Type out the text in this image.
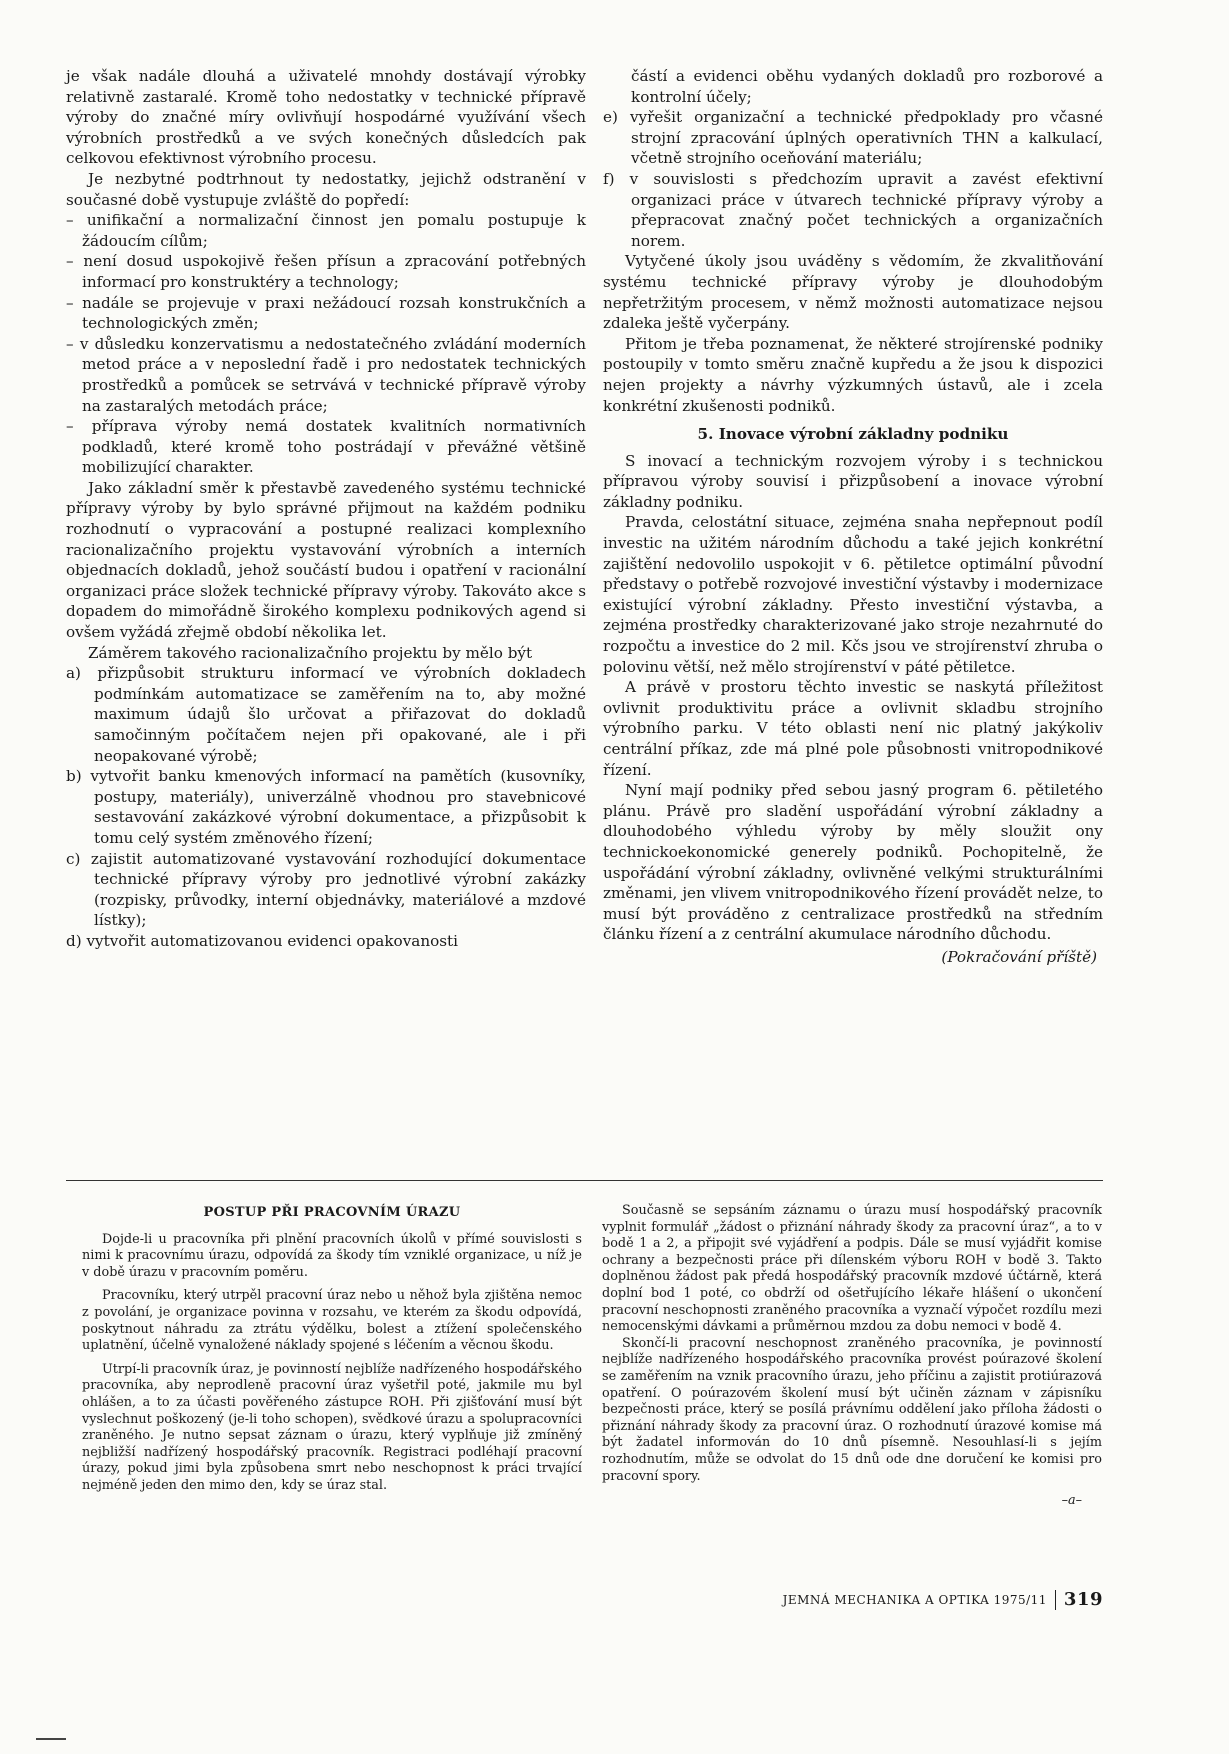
je však nadále dlouhá a uživatelé mnohdy dostávají výrobky relativně zastaralé. Kromě toho nedostatky v technické přípravě výroby do značné míry ovlivňují hospodárné využívání všech výrobních prostředků a ve svých konečných důsledcích pak celkovou efektivnost výrobního procesu.

Je nezbytné podtrhnout ty nedostatky, jejichž odstranění v současné době vystupuje zvláště do popředí:

– unifikační a normalizační činnost jen pomalu postupuje k žádoucím cílům;

– není dosud uspokojivě řešen přísun a zpracování potřebných informací pro konstruktéry a technology;

– nadále se projevuje v praxi nežádoucí rozsah konstrukčních a technologických změn;

– v důsledku konzervatismu a nedostatečného zvládání moderních metod práce a v neposlední řadě i pro nedostatek technických prostředků a pomůcek se setrvává v technické přípravě výroby na zastaralých metodách práce;

– příprava výroby nemá dostatek kvalitních normativních podkladů, které kromě toho postrádají v převážné většině mobilizující charakter.

Jako základní směr k přestavbě zavedeného systému technické přípravy výroby by bylo správné přijmout na každém podniku rozhodnutí o vypracování a postupné realizaci komplexního racionalizačního projektu vystavování výrobních a interních objednacích dokladů, jehož součástí budou i opatření v racionální organizaci práce složek technické přípravy výroby. Takováto akce s dopadem do mimořádně širokého komplexu podnikových agend si ovšem vyžádá zřejmě období několika let.

Záměrem takového racionalizačního projektu by mělo být

a) přizpůsobit strukturu informací ve výrobních dokladech podmínkám automatizace se zaměřením na to, aby možné maximum údajů šlo určovat a přiřazovat do dokladů samočinným počítačem nejen při opakované, ale i při neopakované výrobě;

b) vytvořit banku kmenových informací na pamětích (kusovníky, postupy, materiály), univerzálně vhodnou pro stavebnicové sestavování zakázkové výrobní dokumentace, a přizpůsobit k tomu celý systém změnového řízení;

c) zajistit automatizované vystavování rozhodující dokumentace technické přípravy výroby pro jednotlivé výrobní zakázky (rozpisky, průvodky, interní objednávky, materiálové a mzdové lístky);

d) vytvořit automatizovanou evidenci opakovanosti

částí a evidenci oběhu vydaných dokladů pro rozborové a kontrolní účely;

e) vyřešit organizační a technické předpoklady pro včasné strojní zpracování úplných operativních THN a kalkulací, včetně strojního oceňování materiálu;

f) v souvislosti s předchozím upravit a zavést efektivní organizaci práce v útvarech technické přípravy výroby a přepracovat značný počet technických a organizačních norem.

Vytyčené úkoly jsou uváděny s vědomím, že zkvalitňování systému technické přípravy výroby je dlouhodobým nepřetržitým procesem, v němž možnosti automatizace nejsou zdaleka ještě vyčerpány.

Přitom je třeba poznamenat, že některé strojírenské podniky postoupily v tomto směru značně kupředu a že jsou k dispozici nejen projekty a návrhy výzkumných ústavů, ale i zcela konkrétní zkušenosti podniků.

5. Inovace výrobní základny podniku

S inovací a technickým rozvojem výroby i s technickou přípravou výroby souvisí i přizpůsobení a inovace výrobní základny podniku.

Pravda, celostátní situace, zejména snaha nepřepnout podíl investic na užitém národním důchodu a také jejich konkrétní zajištění nedovolilo uspokojit v 6. pětiletce optimální původní představy o potřebě rozvojové investiční výstavby i modernizace existující výrobní základny. Přesto investiční výstavba, a zejména prostředky charakterizované jako stroje nezahrnuté do rozpočtu a investice do 2 mil. Kčs jsou ve strojírenství zhruba o polovinu větší, než mělo strojírenství v páté pětiletce.

A právě v prostoru těchto investic se naskytá příležitost ovlivnit produktivitu práce a ovlivnit skladbu strojního výrobního parku. V této oblasti není nic platný jakýkoliv centrální příkaz, zde má plné pole působnosti vnitropodnikové řízení.

Nyní mají podniky před sebou jasný program 6. pětiletého plánu. Právě pro sladění uspořádání výrobní základny a dlouhodobého výhledu výroby by měly sloužit ony technickoekonomické generely podniků. Pochopitelně, že uspořádání výrobní základny, ovlivněné velkými strukturálními změnami, jen vlivem vnitropodnikového řízení provádět nelze, to musí být prováděno z centralizace prostředků na středním článku řízení a z centrální akumulace národního důchodu.

(Pokračování příště)

POSTUP PŘI PRACOVNÍM ÚRAZU

Dojde-li u pracovníka při plnění pracovních úkolů v přímé souvislosti s nimi k pracovnímu úrazu, odpovídá za škody tím vzniklé organizace, u níž je v době úrazu v pracovním poměru.

Pracovníku, který utrpěl pracovní úraz nebo u něhož byla zjištěna nemoc z povolání, je organizace povinna v rozsahu, ve kterém za škodu odpovídá, poskytnout náhradu za ztrátu výdělku, bolest a ztížení společenského uplatnění, účelně vynaložené náklady spojené s léčením a věcnou škodu.

Utrpí-li pracovník úraz, je povinností nejblíže nadřízeného hospodářského pracovníka, aby neprodleně pracovní úraz vyšetřil poté, jakmile mu byl ohlášen, a to za účasti pověřeného zástupce ROH. Při zjišťování musí být vyslechnut poškozený (je-li toho schopen), svědkové úrazu a spolupracovníci zraněného. Je nutno sepsat záznam o úrazu, který vyplňuje již zmíněný nejbližší nadřízený hospodářský pracovník. Registraci podléhají pracovní úrazy, pokud jimi byla způsobena smrt nebo neschopnost k práci trvající nejméně jeden den mimo den, kdy se úraz stal.

Současně se sepsáním záznamu o úrazu musí hospodářský pracovník vyplnit formulář „žádost o přiznání náhrady škody za pracovní úraz“, a to v bodě 1 a 2, a připojit své vyjádření a podpis. Dále se musí vyjádřit komise ochrany a bezpečnosti práce při dílenském výboru ROH v bodě 3. Takto doplněnou žádost pak předá hospodářský pracovník mzdové účtárně, která doplní bod 1 poté, co obdrží od ošetřujícího lékaře hlášení o ukončení pracovní neschopnosti zraněného pracovníka a vyznačí výpočet rozdílu mezi nemocenskými dávkami a průměrnou mzdou za dobu nemoci v bodě 4.

Skončí-li pracovní neschopnost zraněného pracovníka, je povinností nejblíže nadřízeného hospodářského pracovníka provést poúrazové školení se zaměřením na vznik pracovního úrazu, jeho příčinu a zajistit protiúrazová opatření. O poúrazovém školení musí být učiněn záznam v zápisníku bezpečnosti práce, který se posílá právnímu oddělení jako příloha žádosti o přiznání náhrady škody za pracovní úraz. O rozhodnutí úrazové komise má být žadatel informován do 10 dnů písemně. Nesouhlasí-li s jejím rozhodnutím, může se odvolat do 15 dnů ode dne doručení ke komisi pro pracovní spory.

–a–

JEMNÁ MECHANIKA A OPTIKA 1975/11 319
